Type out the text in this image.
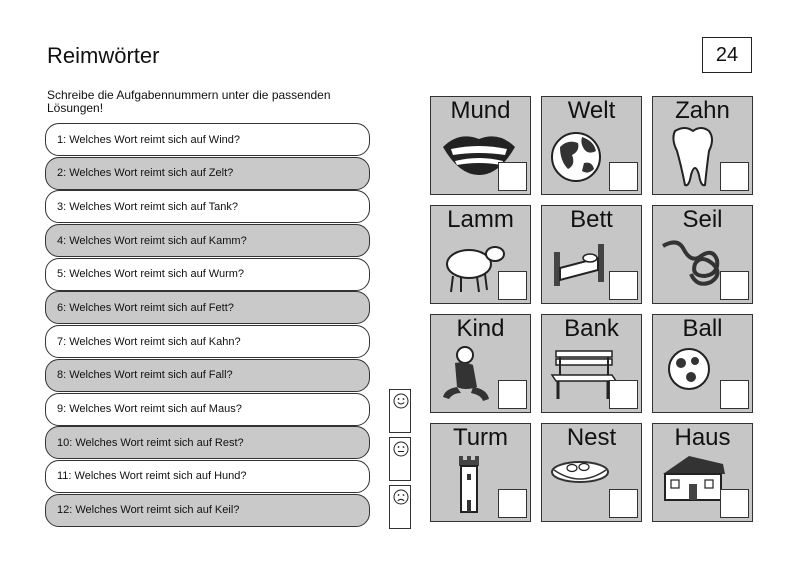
Reimwörter	24
Schreibe die Aufgabennummern unter die passenden Lösungen!
1: Welches Wort reimt sich auf Wind?
2: Welches Wort reimt sich auf Zelt?
3: Welches Wort reimt sich auf Tank?
4: Welches Wort reimt sich auf Kamm?
5: Welches Wort reimt sich auf Wurm?
6: Welches Wort reimt sich auf Fett?
7: Welches Wort reimt sich auf Kahn?
8: Welches Wort reimt sich auf Fall?
9: Welches Wort reimt sich auf Maus?
10: Welches Wort reimt sich auf Rest?
11: Welches Wort reimt sich auf Hund?
12: Welches Wort reimt sich auf Keil?
Mund	Welt	Zahn
Lamm	Bett	Seil
Kind	Bank	Ball
Turm	Nest	Haus
